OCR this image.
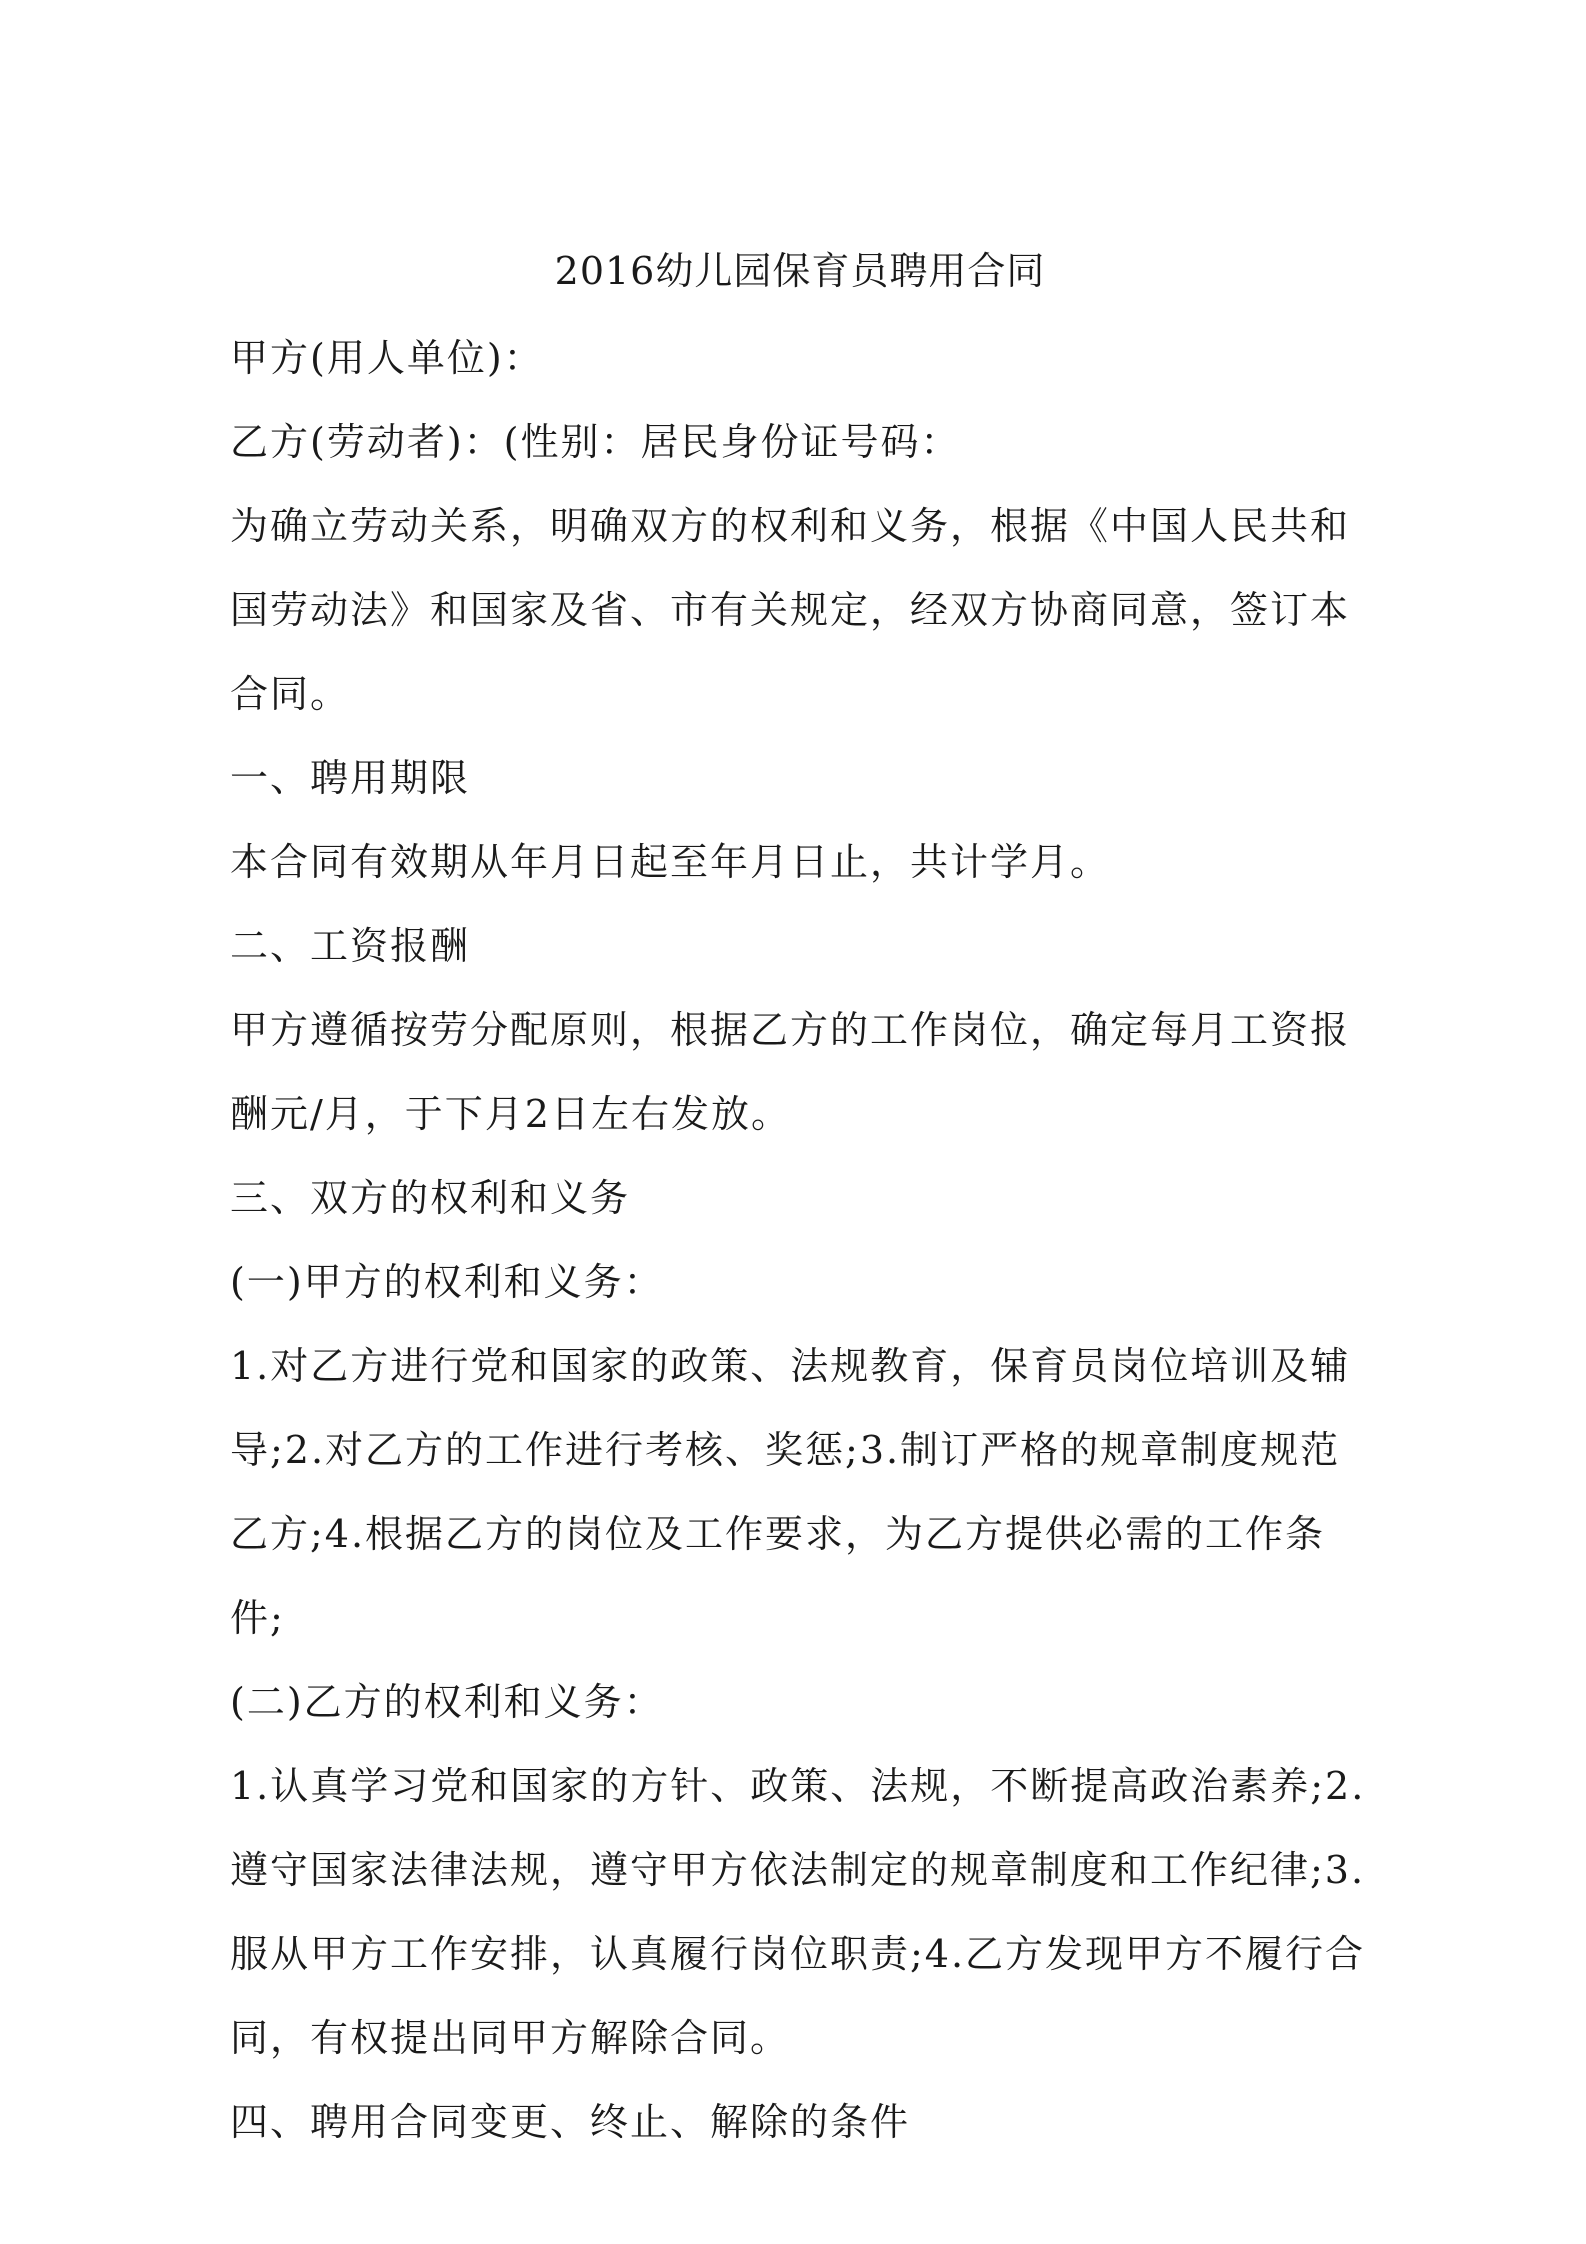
2016幼儿园保育员聘用合同

甲方(用人单位)：

乙方(劳动者)：(性别：居民身份证号码：

为确立劳动关系，明确双方的权利和义务，根据《中国人民共和国劳动法》和国家及省、市有关规定，经双方协商同意，签订本合同。

一、聘用期限

本合同有效期从年月日起至年月日止，共计学月。

二、工资报酬

甲方遵循按劳分配原则，根据乙方的工作岗位，确定每月工资报酬元/月，于下月2日左右发放。

三、双方的权利和义务

(一)甲方的权利和义务：

1.对乙方进行党和国家的政策、法规教育，保育员岗位培训及辅导;2.对乙方的工作进行考核、奖惩;3.制订严格的规章制度规范乙方;4.根据乙方的岗位及工作要求，为乙方提供必需的工作条件;

(二)乙方的权利和义务：

1.认真学习党和国家的方针、政策、法规，不断提高政治素养;2.遵守国家法律法规，遵守甲方依法制定的规章制度和工作纪律;3.服从甲方工作安排，认真履行岗位职责;4.乙方发现甲方不履行合同，有权提出同甲方解除合同。

四、聘用合同变更、终止、解除的条件
